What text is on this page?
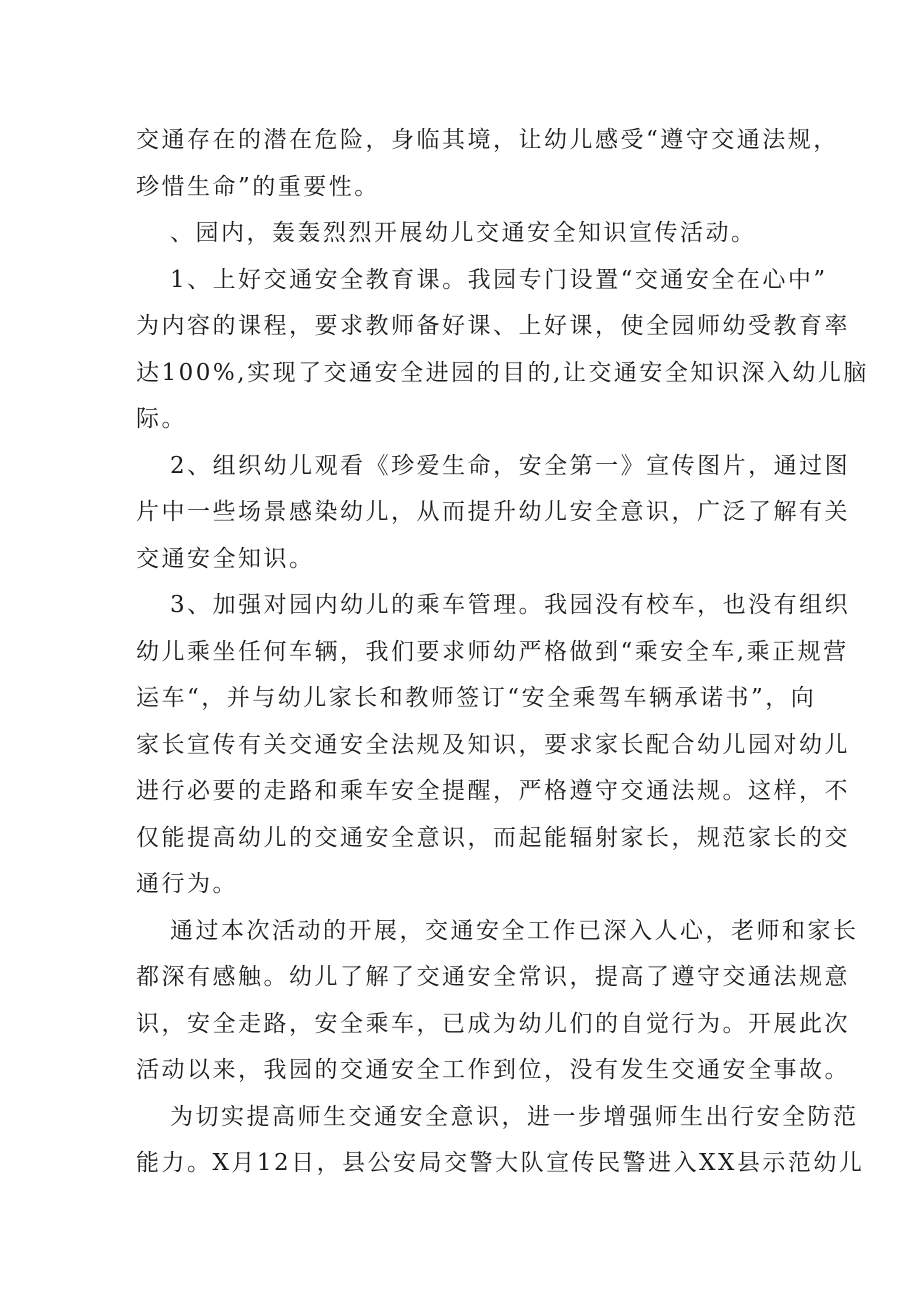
交通存在的潜在危险，身临其境，让幼儿感受“遵守交通法规，
珍惜生命”的重要性。
、园内，轰轰烈烈开展幼儿交通安全知识宣传活动。
1、上好交通安全教育课。我园专门设置“交通安全在心中”
为内容的课程，要求教师备好课、上好课，使全园师幼受教育率
达100%,实现了交通安全进园的目的,让交通安全知识深入幼儿脑
际。
2、组织幼儿观看《珍爱生命，安全第一》宣传图片，通过图
片中一些场景感染幼儿，从而提升幼儿安全意识，广泛了解有关
交通安全知识。
3、加强对园内幼儿的乘车管理。我园没有校车，也没有组织
幼儿乘坐任何车辆，我们要求师幼严格做到“乘安全车,乘正规营
运车“，并与幼儿家长和教师签订“安全乘驾车辆承诺书”，向
家长宣传有关交通安全法规及知识，要求家长配合幼儿园对幼儿
进行必要的走路和乘车安全提醒，严格遵守交通法规。这样，不
仅能提高幼儿的交通安全意识，而起能辐射家长，规范家长的交
通行为。
通过本次活动的开展，交通安全工作已深入人心，老师和家长
都深有感触。幼儿了解了交通安全常识，提高了遵守交通法规意
识，安全走路，安全乘车，已成为幼儿们的自觉行为。开展此次
活动以来，我园的交通安全工作到位，没有发生交通安全事故。
为切实提高师生交通安全意识，进一步增强师生出行安全防范
能力。X月12日，县公安局交警大队宣传民警进入XX县示范幼儿
